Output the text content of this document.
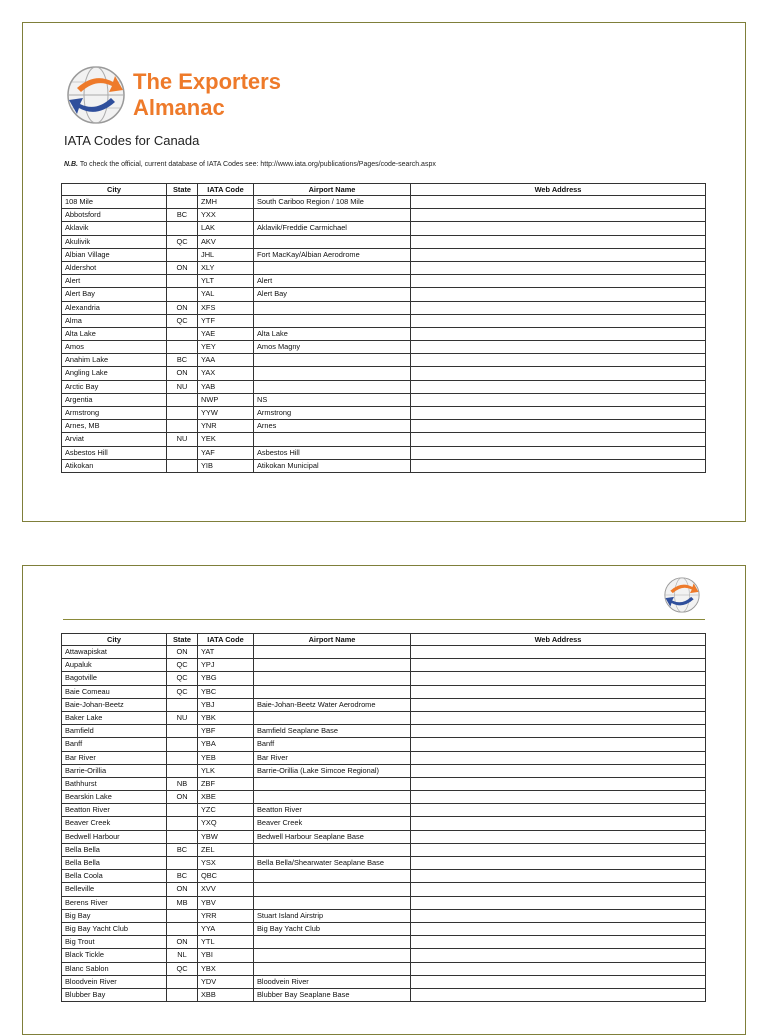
The Exporters
Almanac
IATA Codes for Canada
N.B. To check the official, current database of IATA Codes see: http://www.iata.org/publications/Pages/code-search.aspx
City	State	IATA Code	Airport Name	Web Address
108 Mile		ZMH	South Cariboo Region / 108 Mile	
Abbotsford	BC	YXX		
Aklavik		LAK	Aklavik/Freddie Carmichael	
Akulivik	QC	AKV		
Albian Village		JHL	Fort MacKay/Albian Aerodrome	
Aldershot	ON	XLY		
Alert		YLT	Alert	
Alert Bay		YAL	Alert Bay	
Alexandria	ON	XFS		
Alma	QC	YTF		
Alta Lake		YAE	Alta Lake	
Amos		YEY	Amos Magny	
Anahim Lake	BC	YAA		
Angling Lake	ON	YAX		
Arctic Bay	NU	YAB		
Argentia		NWP	NS	
Armstrong		YYW	Armstrong	
Arnes, MB		YNR	Arnes	
Arviat	NU	YEK		
Asbestos Hill		YAF	Asbestos Hill	
Atikokan		YIB	Atikokan Municipal	
City	State	IATA Code	Airport Name	Web Address
Attawapiskat	ON	YAT		
Aupaluk	QC	YPJ		
Bagotville	QC	YBG		
Baie Comeau	QC	YBC		
Baie-Johan-Beetz		YBJ	Baie-Johan-Beetz Water Aerodrome	
Baker Lake	NU	YBK		
Bamfield		YBF	Bamfield Seaplane Base	
Banff		YBA	Banff	
Bar River		YEB	Bar River	
Barrie-Orillia		YLK	Barrie-Orillia (Lake Simcoe Regional)	
Bathhurst	NB	ZBF		
Bearskin Lake	ON	XBE		
Beatton River		YZC	Beatton River	
Beaver Creek		YXQ	Beaver Creek	
Bedwell Harbour		YBW	Bedwell Harbour Seaplane Base	
Bella Bella	BC	ZEL		
Bella Bella		YSX	Bella Bella/Shearwater Seaplane Base	
Bella Coola	BC	QBC		
Belleville	ON	XVV		
Berens River	MB	YBV		
Big Bay		YRR	Stuart Island Airstrip	
Big Bay Yacht Club		YYA	Big Bay Yacht Club	
Big Trout	ON	YTL		
Black Tickle	NL	YBI		
Blanc Sablon	QC	YBX		
Bloodvein River		YDV	Bloodvein River	
Blubber Bay		XBB	Blubber Bay Seaplane Base	
